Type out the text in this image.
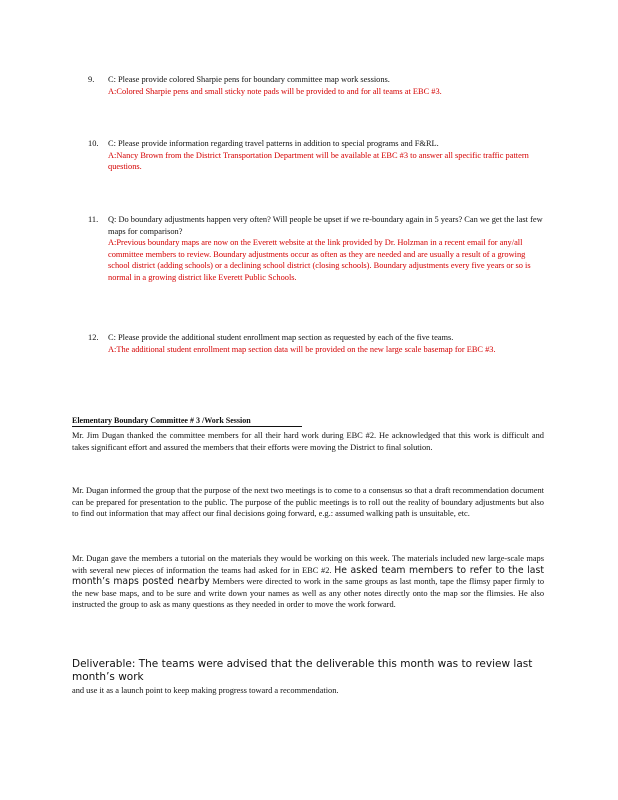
9. C: Please provide colored Sharpie pens for boundary committee map work sessions.
A:Colored Sharpie pens and small sticky note pads will be provided to and for all teams at EBC #3.
10. C: Please provide information regarding travel patterns in addition to special programs and F&RL.
A:Nancy Brown from the District Transportation Department will be available at EBC #3 to answer all specific traffic pattern questions.
11. Q: Do boundary adjustments happen very often? Will people be upset if we re-boundary again in 5 years? Can we get the last few maps for comparison?
A:Previous boundary maps are now on the Everett website at the link provided by Dr. Holzman in a recent email for any/all committee members to review. Boundary adjustments occur as often as they are needed and are usually a result of a growing school district (adding schools) or a declining school district (closing schools). Boundary adjustments every five years or so is normal in a growing district like Everett Public Schools.
12. C: Please provide the additional student enrollment map section as requested by each of the five teams.
A:The additional student enrollment map section data will be provided on the new large scale basemap for EBC #3.
Elementary Boundary Committee # 3 /Work Session
Mr. Jim Dugan thanked the committee members for all their hard work during EBC #2. He acknowledged that this work is difficult and takes significant effort and assured the members that their efforts were moving the District to final solution.
Mr. Dugan informed the group that the purpose of the next two meetings is to come to a consensus so that a draft recommendation document can be prepared for presentation to the public. The purpose of the public meetings is to roll out the reality of boundary adjustments but also to find out information that may affect our final decisions going forward, e.g.: assumed walking path is unsuitable, etc.
Mr. Dugan gave the members a tutorial on the materials they would be working on this week. The materials included new large-scale maps with several new pieces of information the teams had asked for in EBC #2. He asked team members to refer to the last month’s maps posted nearby Members were directed to work in the same groups as last month, tape the flimsy paper firmly to the new base maps, and to be sure and write down your names as well as any other notes directly onto the map sor the flimsies. He also instructed the group to ask as many questions as they needed in order to move the work forward.
Deliverable: The teams were advised that the deliverable this month was to review last month’s work
and use it as a launch point to keep making progress toward a recommendation.
